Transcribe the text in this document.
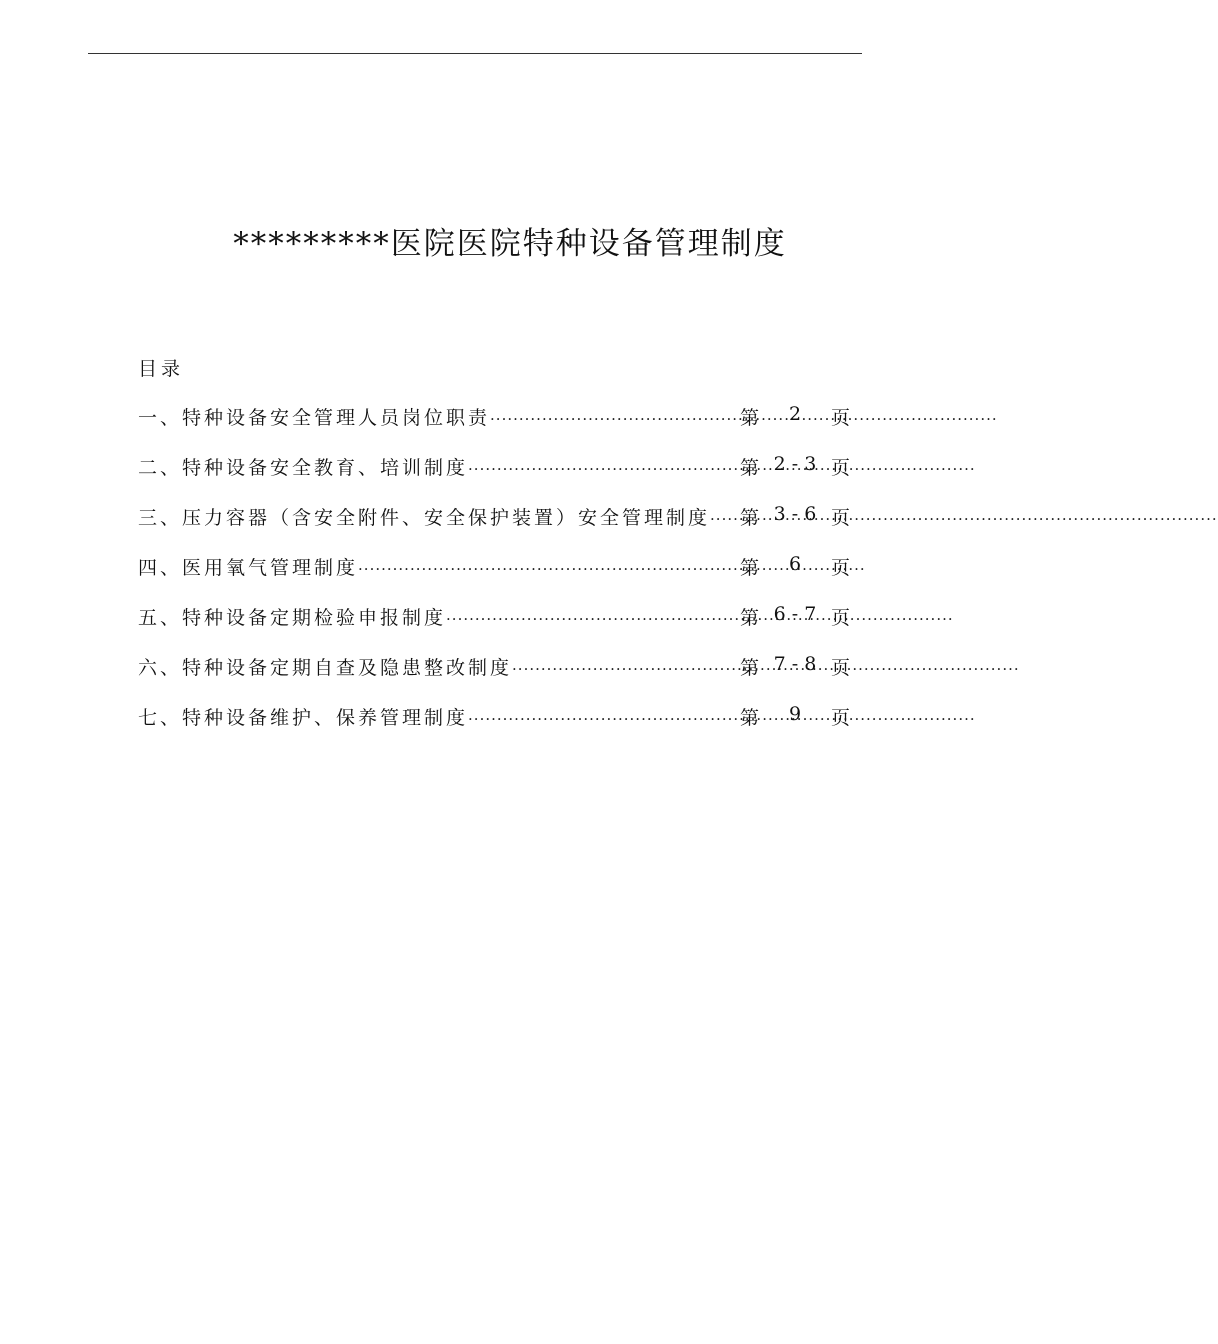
*********医院医院特种设备管理制度
目录
一、 特种设备安全管理人员岗位职责 ·····	第 2 页
二、 特种设备安全教育、培训制度 ·····	第 2 - 3 页
三、 压力容器（含安全附件、安全保护装置）安全管理制度 ····· 第 3 - 6 页
四、 医用氧气管理制度 ·····	第 6 页
五、 特种设备定期检验申报制度 ·····	第 6 - 7 页
六、 特种设备定期自查及隐患整改制度 ·····	第 7 - 8 页
七、 特种设备维护、保养管理制度 ·····	第 9 页
